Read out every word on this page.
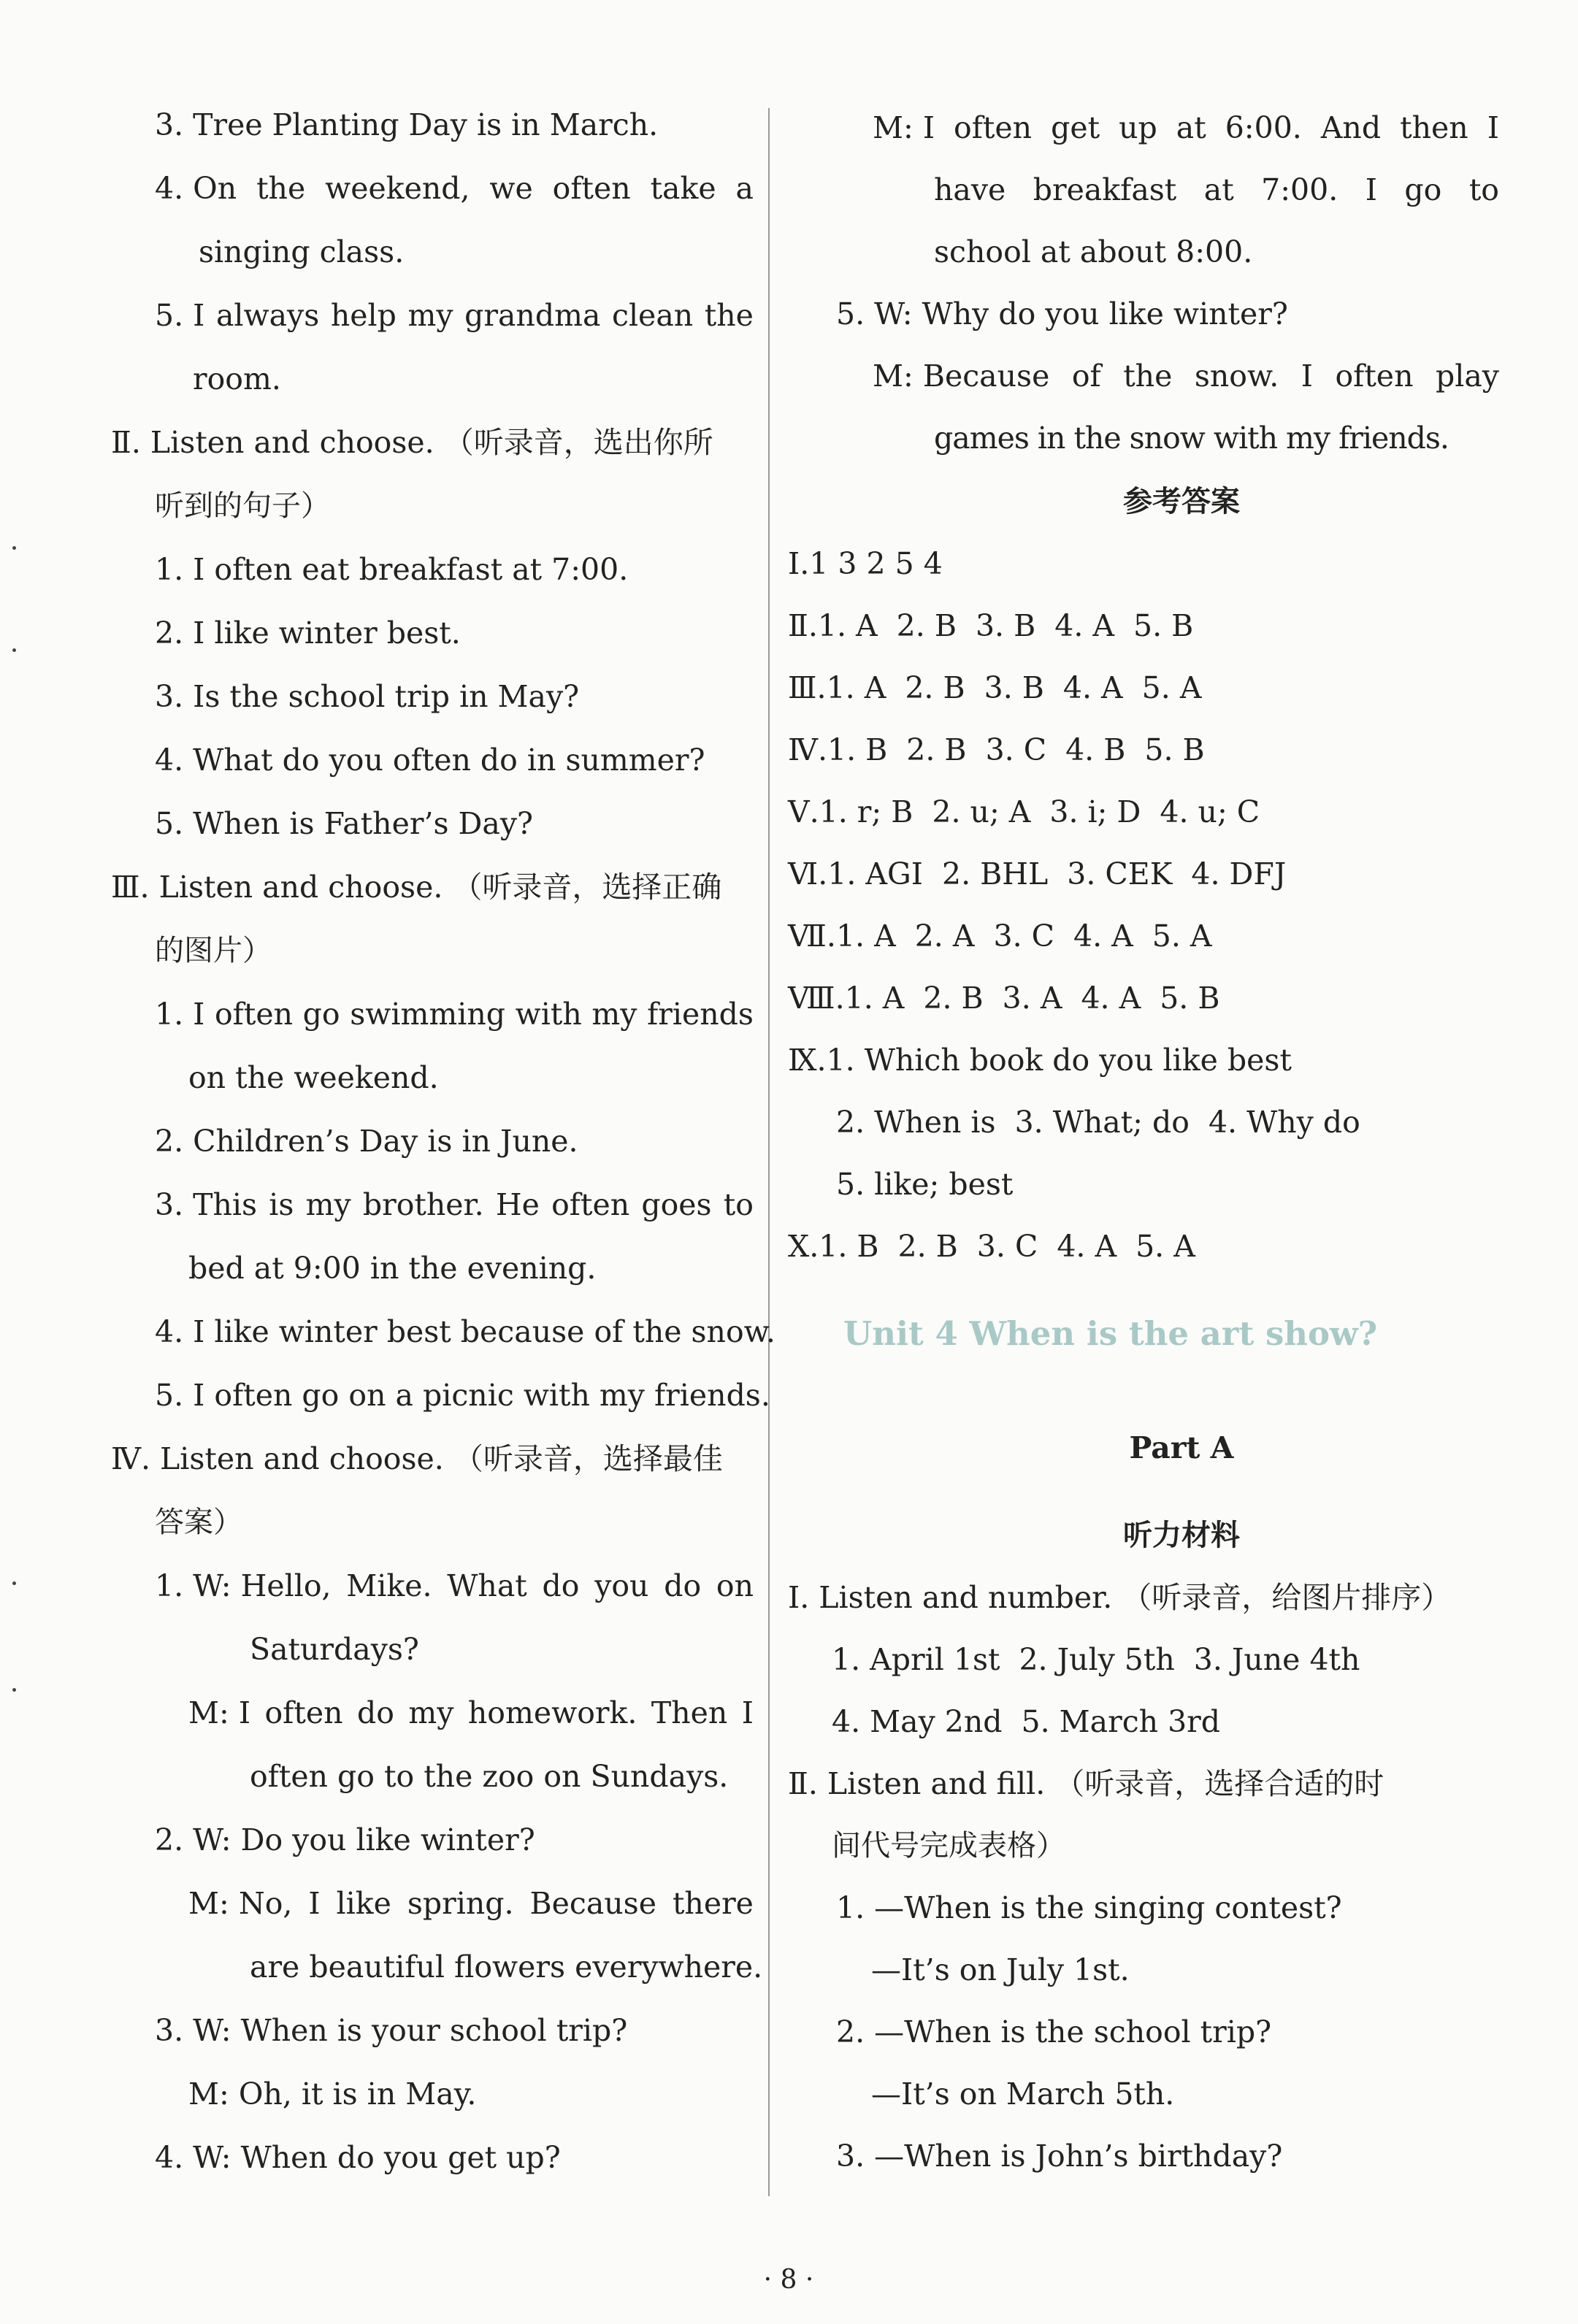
3. Tree Planting Day is in March.
4. On the weekend, we often take a
singing class.
5. I always help my grandma clean the
room.
Ⅱ. Listen and choose. （听录音，选出你所
听到的句子）
1. I often eat breakfast at 7:00.
2. I like winter best.
3. Is the school trip in May?
4. What do you often do in summer?
5. When is Father’s Day?
Ⅲ. Listen and choose. （听录音，选择正确
的图片）
1. I often go swimming with my friends
on the weekend.
2. Children’s Day is in June.
3. This is my brother. He often goes to
bed at 9:00 in the evening.
4. I like winter best because of the snow.
5. I often go on a picnic with my friends.
Ⅳ. Listen and choose. （听录音，选择最佳
答案）
1. W: Hello, Mike. What do you do on
Saturdays?
M: I often do my homework. Then I
often go to the zoo on Sundays.
2. W: Do you like winter?
M: No, I like spring. Because there
are beautiful flowers everywhere.
3. W: When is your school trip?
M: Oh, it is in May.
4. W: When do you get up?
M: I often get up at 6:00. And then I
have breakfast at 7:00. I go to
school at about 8:00.
5. W: Why do you like winter?
M: Because of the snow. I often play
games in the snow with my friends.
参考答案
Ⅰ.1 3 2 5 4
Ⅱ.1. A 2. B 3. B 4. A 5. B
Ⅲ.1. A 2. B 3. B 4. A 5. A
Ⅳ.1. B 2. B 3. C 4. B 5. B
Ⅴ.1. r; B 2. u; A 3. i; D 4. u; C
Ⅵ.1. AGI 2. BHL 3. CEK 4. DFJ
Ⅶ.1. A 2. A 3. C 4. A 5. A
Ⅷ.1. A 2. B 3. A 4. A 5. B
Ⅸ.1. Which book do you like best
2. When is 3. What; do 4. Why do
5. like; best
Ⅹ.1. B 2. B 3. C 4. A 5. A
Unit 4 When is the art show?
Part A
听力材料
Ⅰ. Listen and number. （听录音，给图片排序）
1. April 1st 2. July 5th 3. June 4th
4. May 2nd 5. March 3rd
Ⅱ. Listen and fill. （听录音，选择合适的时
间代号完成表格）
1. —When is the singing contest?
—It’s on July 1st.
2. —When is the school trip?
—It’s on March 5th.
3. —When is John’s birthday?
· 8 ·
